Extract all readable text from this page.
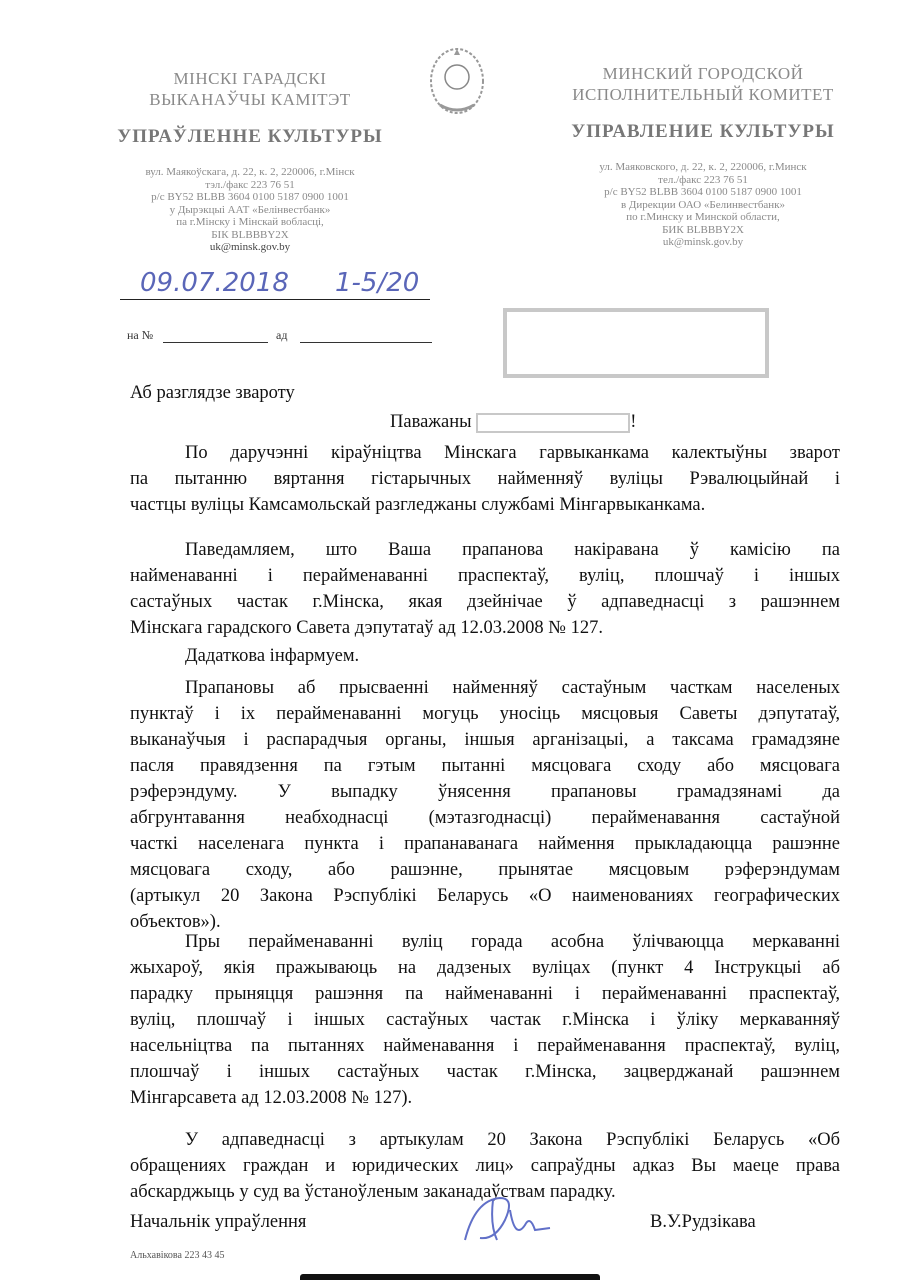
МІНСКІ ГАРАДСКІ
ВЫКАНАЎЧЫ КАМІТЭТ
УПРАЎЛЕННЕ КУЛЬТУРЫ
вул. Маякоўскага, д. 22, к. 2, 220006, г.Мінск
тэл./факс 223 76 51
р/с BY52 BLBB 3604 0100 5187 0900 1001
у Дырэкцыі ААТ «Белінвестбанк»
па г.Мінску і Мінскай вобласці,
БІК BLBBBY2X
uk@minsk.gov.by
МИНСКИЙ ГОРОДСКОЙ
ИСПОЛНИТЕЛЬНЫЙ КОМИТЕТ
УПРАВЛЕНИЕ КУЛЬТУРЫ
ул. Маяковского, д. 22, к. 2, 220006, г.Минск
тел./факс 223 76 51
р/с BY52 BLBB 3604 0100 5187 0900 1001
в Дирекции ОАО «Белинвестбанк»
по г.Минску и Минской области,
БИК BLBBBY2X
uk@minsk.gov.by
09.07.2018 1-5/20
на №	ад
Аб разглядзе звароту
Паважаны	!
По даручэнні кіраўніцтва Мінскага гарвыканкама калектыўны зварот
па пытанню вяртання гістарычных найменняў вуліцы Рэвалюцыйнай і
частцы вуліцы Камсамольскай разгледжаны службамі Мінгарвыканкама.
Паведамляем, што Ваша прапанова накіравана ў камісію па
найменаванні і перайменаванні праспектаў, вуліц, плошчаў і іншых
састаўных частак г.Мінска, якая дзейнічае ў адпаведнасці з рашэннем
Мінскага гарадского Савета дэпутатаў ад 12.03.2008 № 127.
Дадаткова інфармуем.
Прапановы аб прысваенні найменняў састаўным часткам населеных
пунктаў і іх перайменаванні могуць уносіць мясцовыя Саветы дэпутатаў,
выканаўчыя і распарадчыя органы, іншыя арганізацыі, а таксама грамадзяне
пасля правядзення па гэтым пытанні мясцовага сходу або мясцовага
рэферэндуму. У выпадку ўнясення прапановы грамадзянамі да
абгрунтавання неабходнасці (мэтазгоднасці) перайменавання састаўной
часткі населенага пункта і прапанаванага наймення прыкладаюцца рашэнне
мясцовага сходу, або рашэнне, прынятае мясцовым рэферэндумам
(артыкул 20 Закона Рэспублікі Беларусь «О наименованиях географических
объектов»).
Пры перайменаванні вуліц горада асобна ўлічваюцца меркаванні
жыхароў, якія пражываюць на дадзеных вуліцах (пункт 4 Інструкцыі аб
парадку прыняцця рашэння па найменаванні і перайменаванні праспектаў,
вуліц, плошчаў і іншых састаўных частак г.Мінска і ўліку меркаванняў
насельніцтва па пытаннях найменавання і перайменавання праспектаў, вуліц,
плошчаў і іншых састаўных частак г.Мінска, зацверджанай рашэннем
Мінгарсавета ад 12.03.2008 № 127).
У адпаведнасці з артыкулам 20 Закона Рэспублікі Беларусь «Об
обращениях граждан и юридических лиц» сапраўдны адказ Вы маеце права
абскарджыць у суд ва ўстаноўленым заканадаўствам парадку.
Начальнік упраўлення	В.У.Рудзікава
Альхавікова 223 43 45
